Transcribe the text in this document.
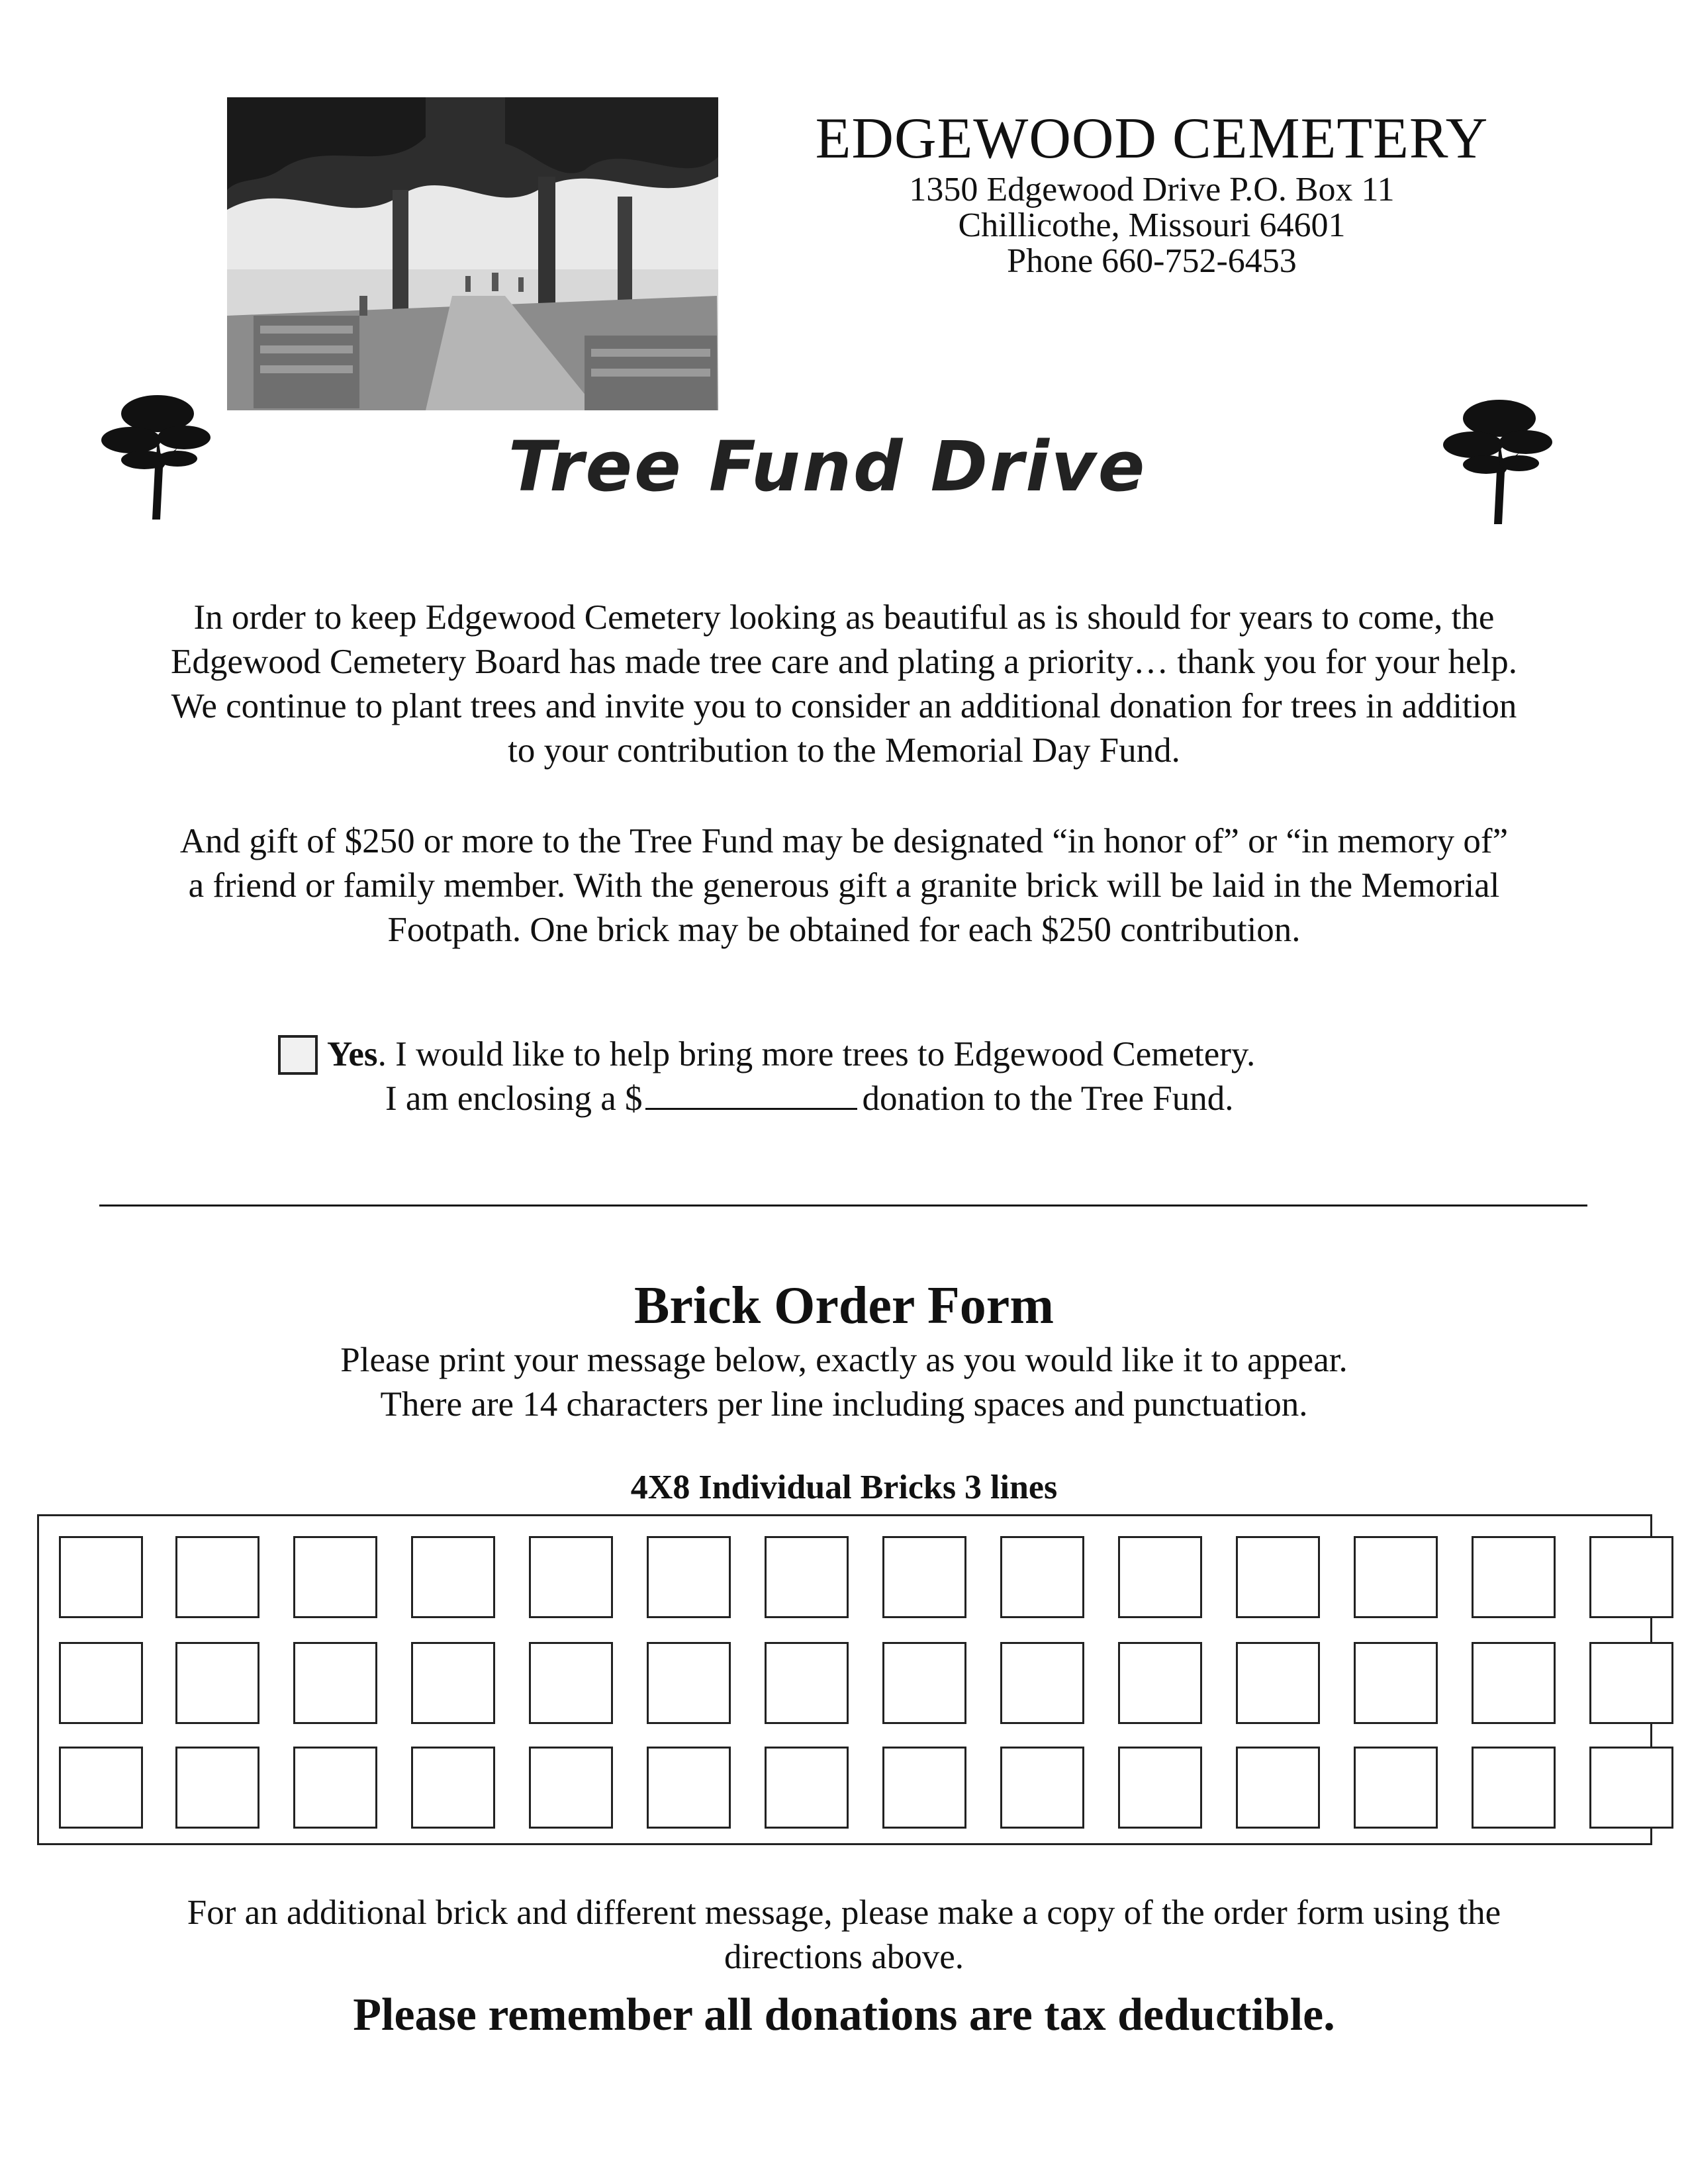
EDGEWOOD CEMETERY
1350 Edgewood Drive P.O. Box 11
Chillicothe, Missouri 64601
Phone 660-752-6453
Tree Fund Drive
In order to keep Edgewood Cemetery looking as beautiful as is should for years to come, the
Edgewood Cemetery Board has made tree care and plating a priority… thank you for your help.
We continue to plant trees and invite you to consider an additional donation for trees in addition
to your contribution to the Memorial Day Fund.
And gift of $250 or more to the Tree Fund may be designated “in honor of” or “in memory of”
a friend or family member. With the generous gift a granite brick will be laid in the Memorial
Footpath. One brick may be obtained for each $250 contribution.
Yes. I would like to help bring more trees to Edgewood Cemetery.
I am enclosing a $	donation to the Tree Fund.
Brick Order Form
Please print your message below, exactly as you would like it to appear.
There are 14 characters per line including spaces and punctuation.
4X8 Individual Bricks 3 lines
For an additional brick and different message, please make a copy of the order form using the
directions above.
Please remember all donations are tax deductible.
